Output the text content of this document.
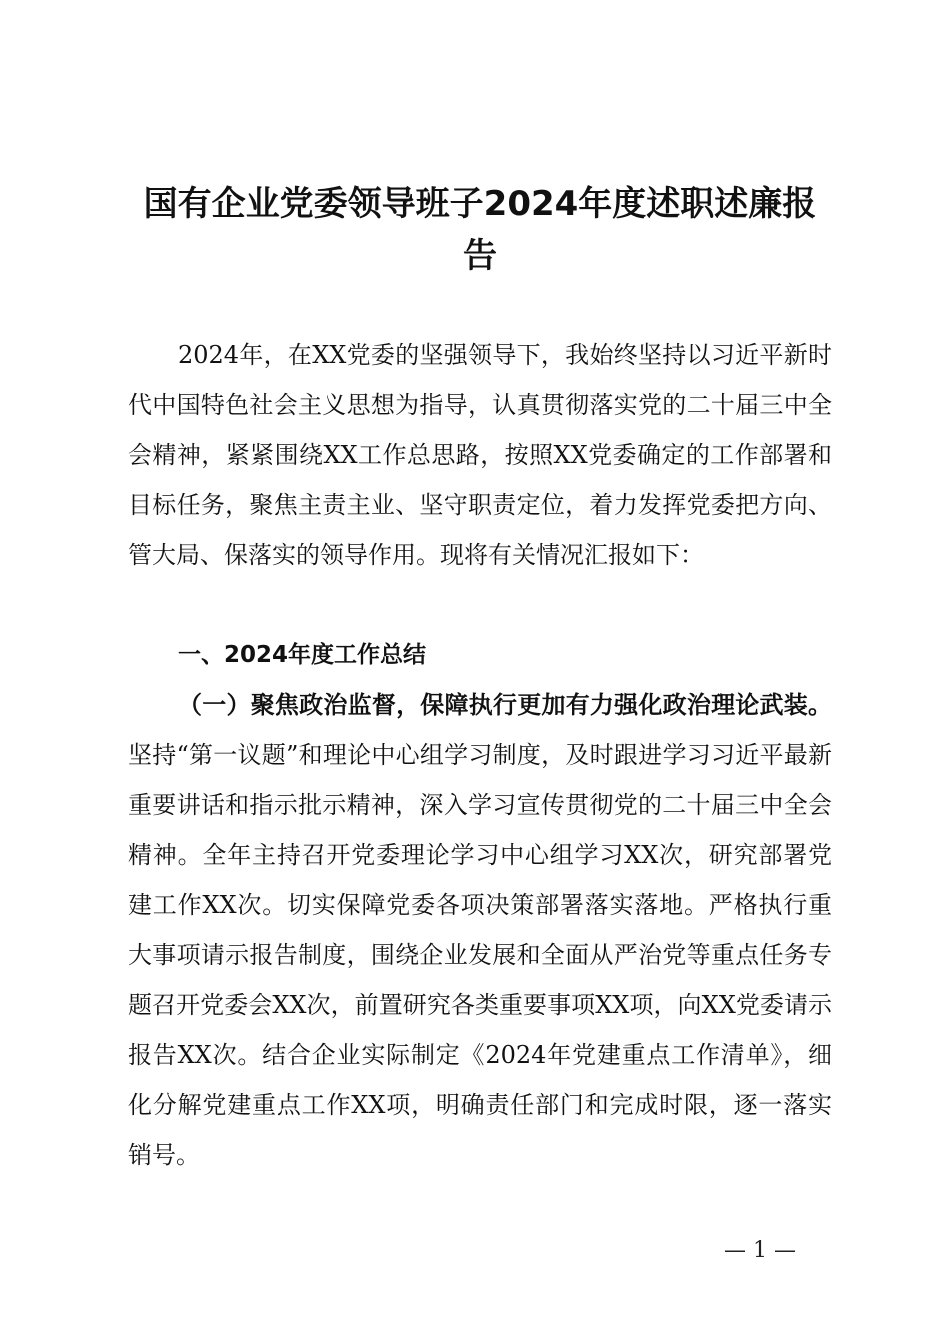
国有企业党委领导班子2024年度述职述廉报告

2024年，在XX党委的坚强领导下，我始终坚持以习近平新时代中国特色社会主义思想为指导，认真贯彻落实党的二十届三中全会精神，紧紧围绕XX工作总思路，按照XX党委确定的工作部署和目标任务，聚焦主责主业、坚守职责定位，着力发挥党委把方向、管大局、保落实的领导作用。现将有关情况汇报如下：

一、2024年度工作总结

（一）聚焦政治监督，保障执行更加有力强化政治理论武装。坚持“第一议题”和理论中心组学习制度，及时跟进学习习近平最新重要讲话和指示批示精神，深入学习宣传贯彻党的二十届三中全会精神。全年主持召开党委理论学习中心组学习XX次，研究部署党建工作XX次。切实保障党委各项决策部署落实落地。严格执行重大事项请示报告制度，围绕企业发展和全面从严治党等重点任务专题召开党委会XX次，前置研究各类重要事项XX项，向XX党委请示报告XX次。结合企业实际制定《2024年党建重点工作清单》，细化分解党建重点工作XX项，明确责任部门和完成时限，逐一落实销号。

— 1 —
